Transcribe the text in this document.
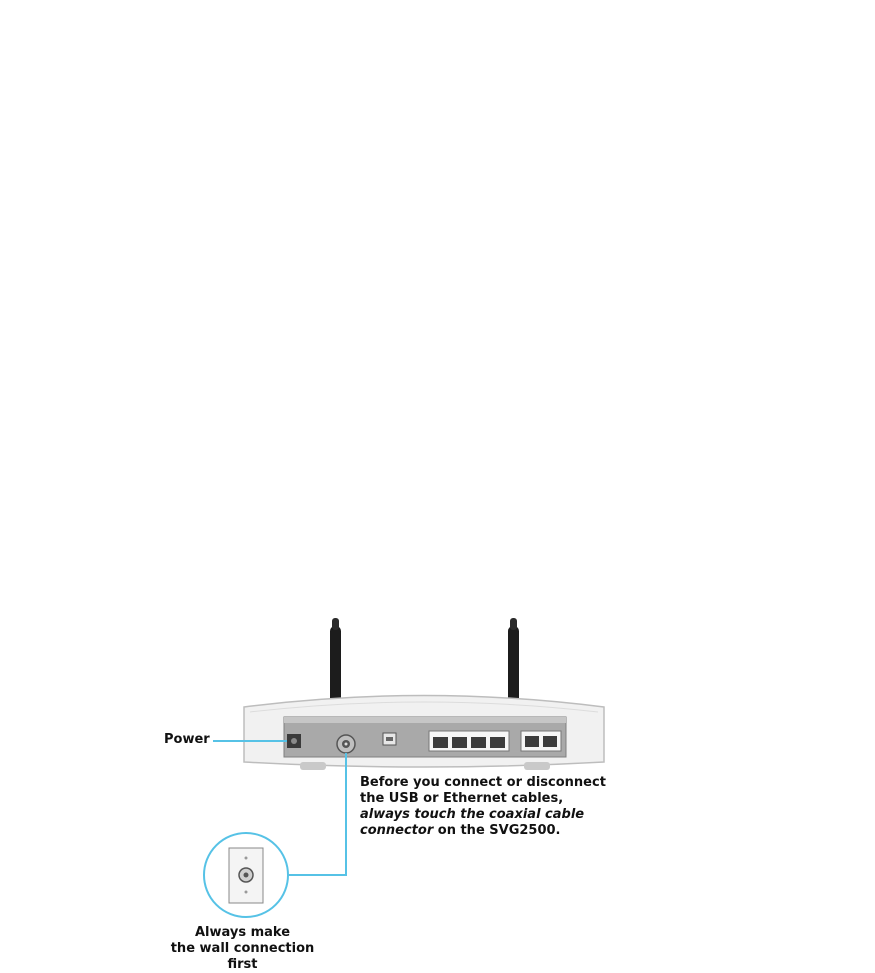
Power
Before you connect or disconnect
the USB or Ethernet cables,
always touch the coaxial cable
connector on the SVG2500.
Always make
the wall connection
first
